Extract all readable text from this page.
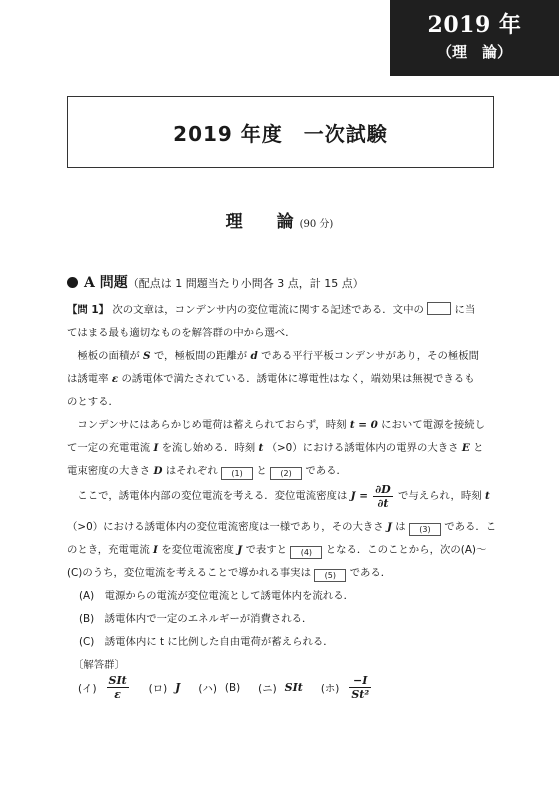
2019 年
（理　論）
2019 年度　一次試験
理　　論 (90 分)
A 問題（配点は 1 問題当たり小問各 3 点，計 15 点）
【問 1】 次の文章は，コンデンサ内の変位電流に関する記述である．文中の	に当
てはまる最も適切なものを解答群の中から選べ．
　極板の面積が S で，極板間の距離が d である平行平板コンデンサがあり，その極板間
は誘電率 ε の誘電体で満たされている．誘電体に導電性はなく，端効果は無視できるも
のとする．
　コンデンサにはあらかじめ電荷は蓄えられておらず，時刻 t = 0 において電源を接続し
て一定の充電電流 I を流し始める．時刻 t （>0）における誘電体内の電界の大きさ E と
電束密度の大きさ D はそれぞれ (1) と (2) である．
　ここで，誘電体内部の変位電流を考える．変位電流密度は $J = \frac{\partial D}{\partial t}$ で与えられ，時刻 t
（>0）における誘電体内の変位電流密度は一様であり，その大きさ J は (3) である．こ
のとき，充電電流 I を変位電流密度 J で表すと (4) となる．このことから，次の(A)～
(C)のうち，変位電流を考えることで導かれる事実は (5) である．
(A)　電源からの電流が変位電流として誘電体内を流れる．
(B)　誘電体内で一定のエネルギーが消費される．
(C)　誘電体内に t に比例した自由電荷が蓄えられる．
〔解答群〕
(イ) $\frac{\text{SIt}}{\varepsilon}$ (ロ) J (ハ) (B) (ニ) SIt (ホ) $\frac{-I}{\text{St²}}$
